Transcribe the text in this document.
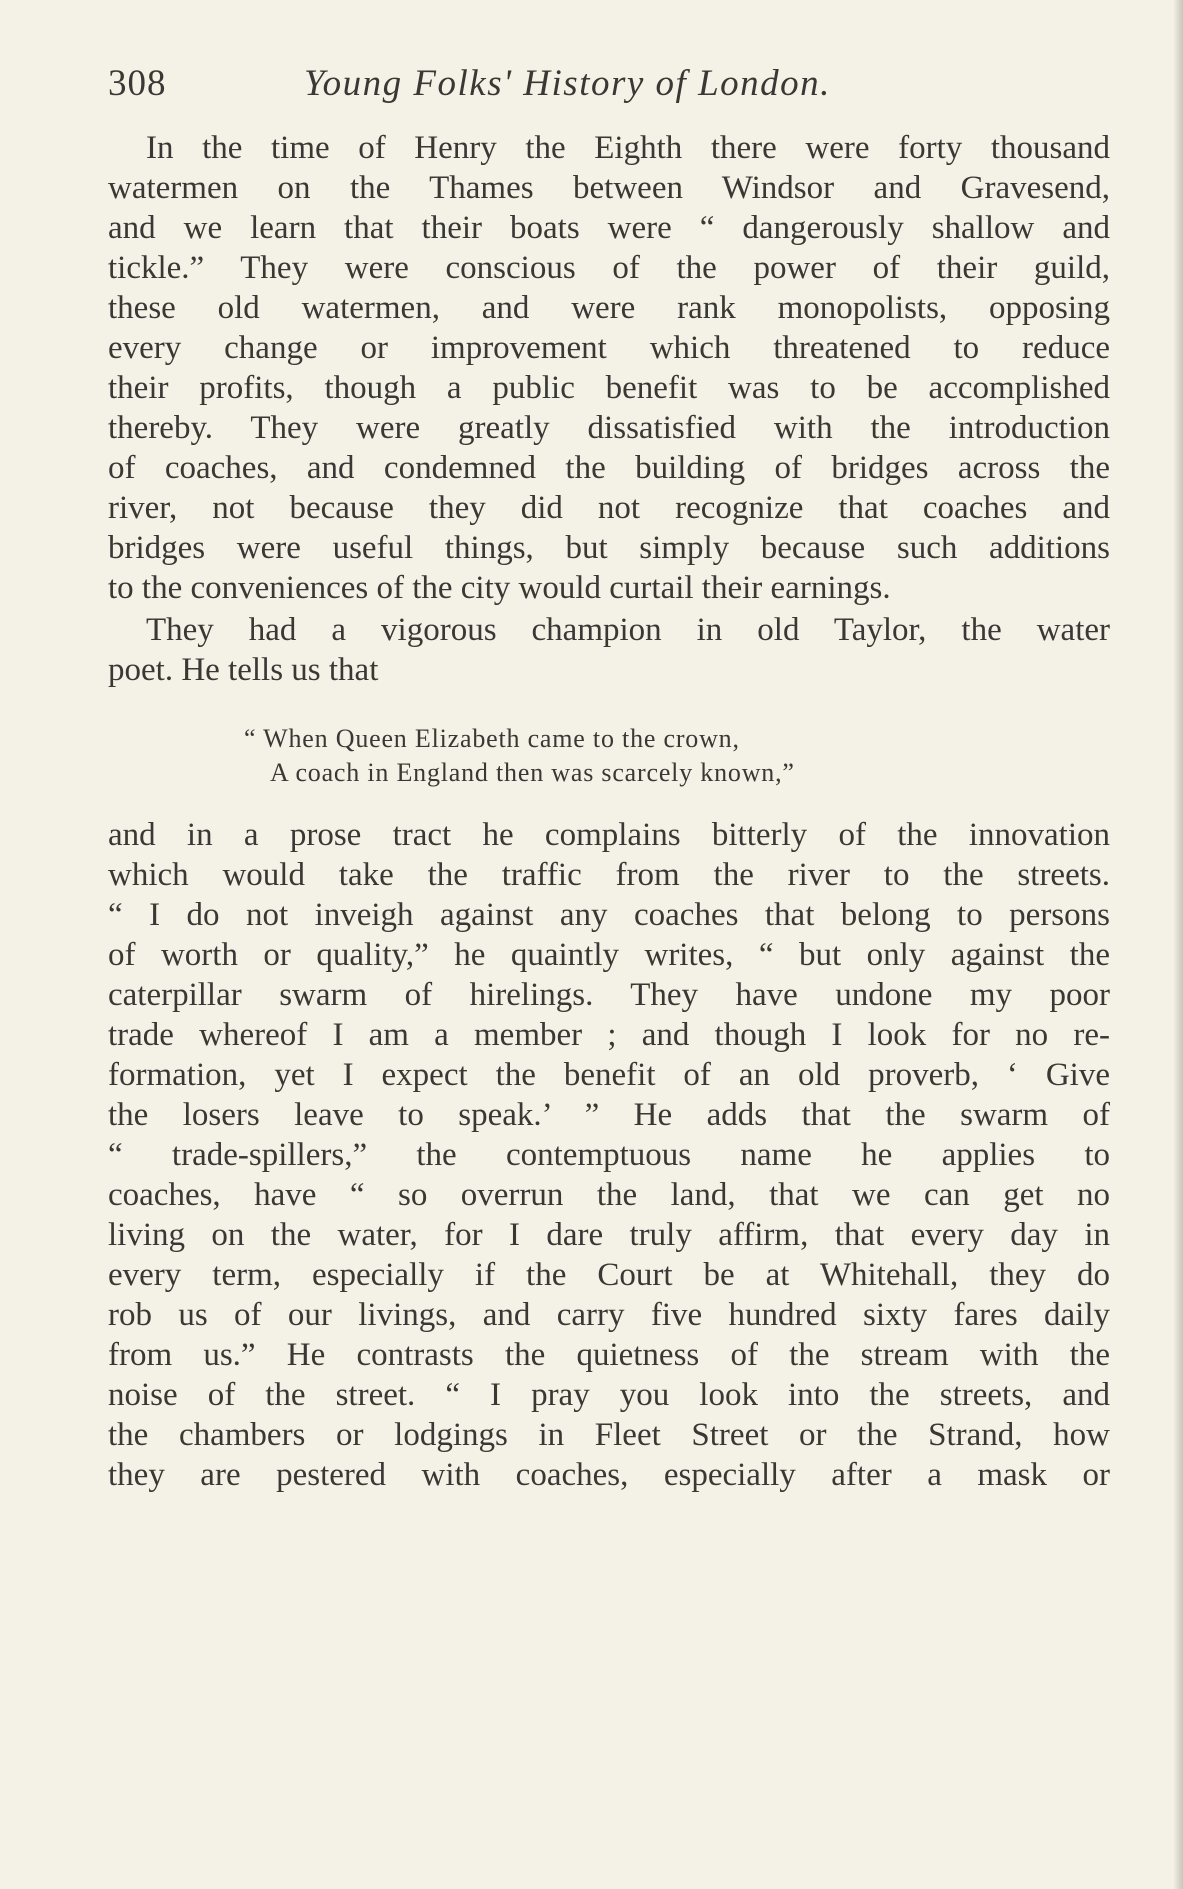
308	Young Folks' History of London.
In the time of Henry the Eighth there were forty thousand
watermen on the Thames between Windsor and Gravesend,
and we learn that their boats were “ dangerously shallow and
tickle.” They were conscious of the power of their guild,
these old watermen, and were rank monopolists, opposing
every change or improvement which threatened to reduce
their profits, though a public benefit was to be accomplished
thereby. They were greatly dissatisfied with the introduction
of coaches, and condemned the building of bridges across the
river, not because they did not recognize that coaches and
bridges were useful things, but simply because such additions
to the conveniences of the city would curtail their earnings.
They had a vigorous champion in old Taylor, the water
poet. He tells us that
“ When Queen Elizabeth came to the crown,
A coach in England then was scarcely known,”
and in a prose tract he complains bitterly of the innovation
which would take the traffic from the river to the streets.
“ I do not inveigh against any coaches that belong to persons
of worth or quality,” he quaintly writes, “ but only against the
caterpillar swarm of hirelings. They have undone my poor
trade whereof I am a member ; and though I look for no re-
formation, yet I expect the benefit of an old proverb, ‘ Give
the losers leave to speak.’ ” He adds that the swarm of
“ trade-spillers,” the contemptuous name he applies to
coaches, have “ so overrun the land, that we can get no
living on the water, for I dare truly affirm, that every day in
every term, especially if the Court be at Whitehall, they do
rob us of our livings, and carry five hundred sixty fares daily
from us.” He contrasts the quietness of the stream with the
noise of the street. “ I pray you look into the streets, and
the chambers or lodgings in Fleet Street or the Strand, how
they are pestered with coaches, especially after a mask or
